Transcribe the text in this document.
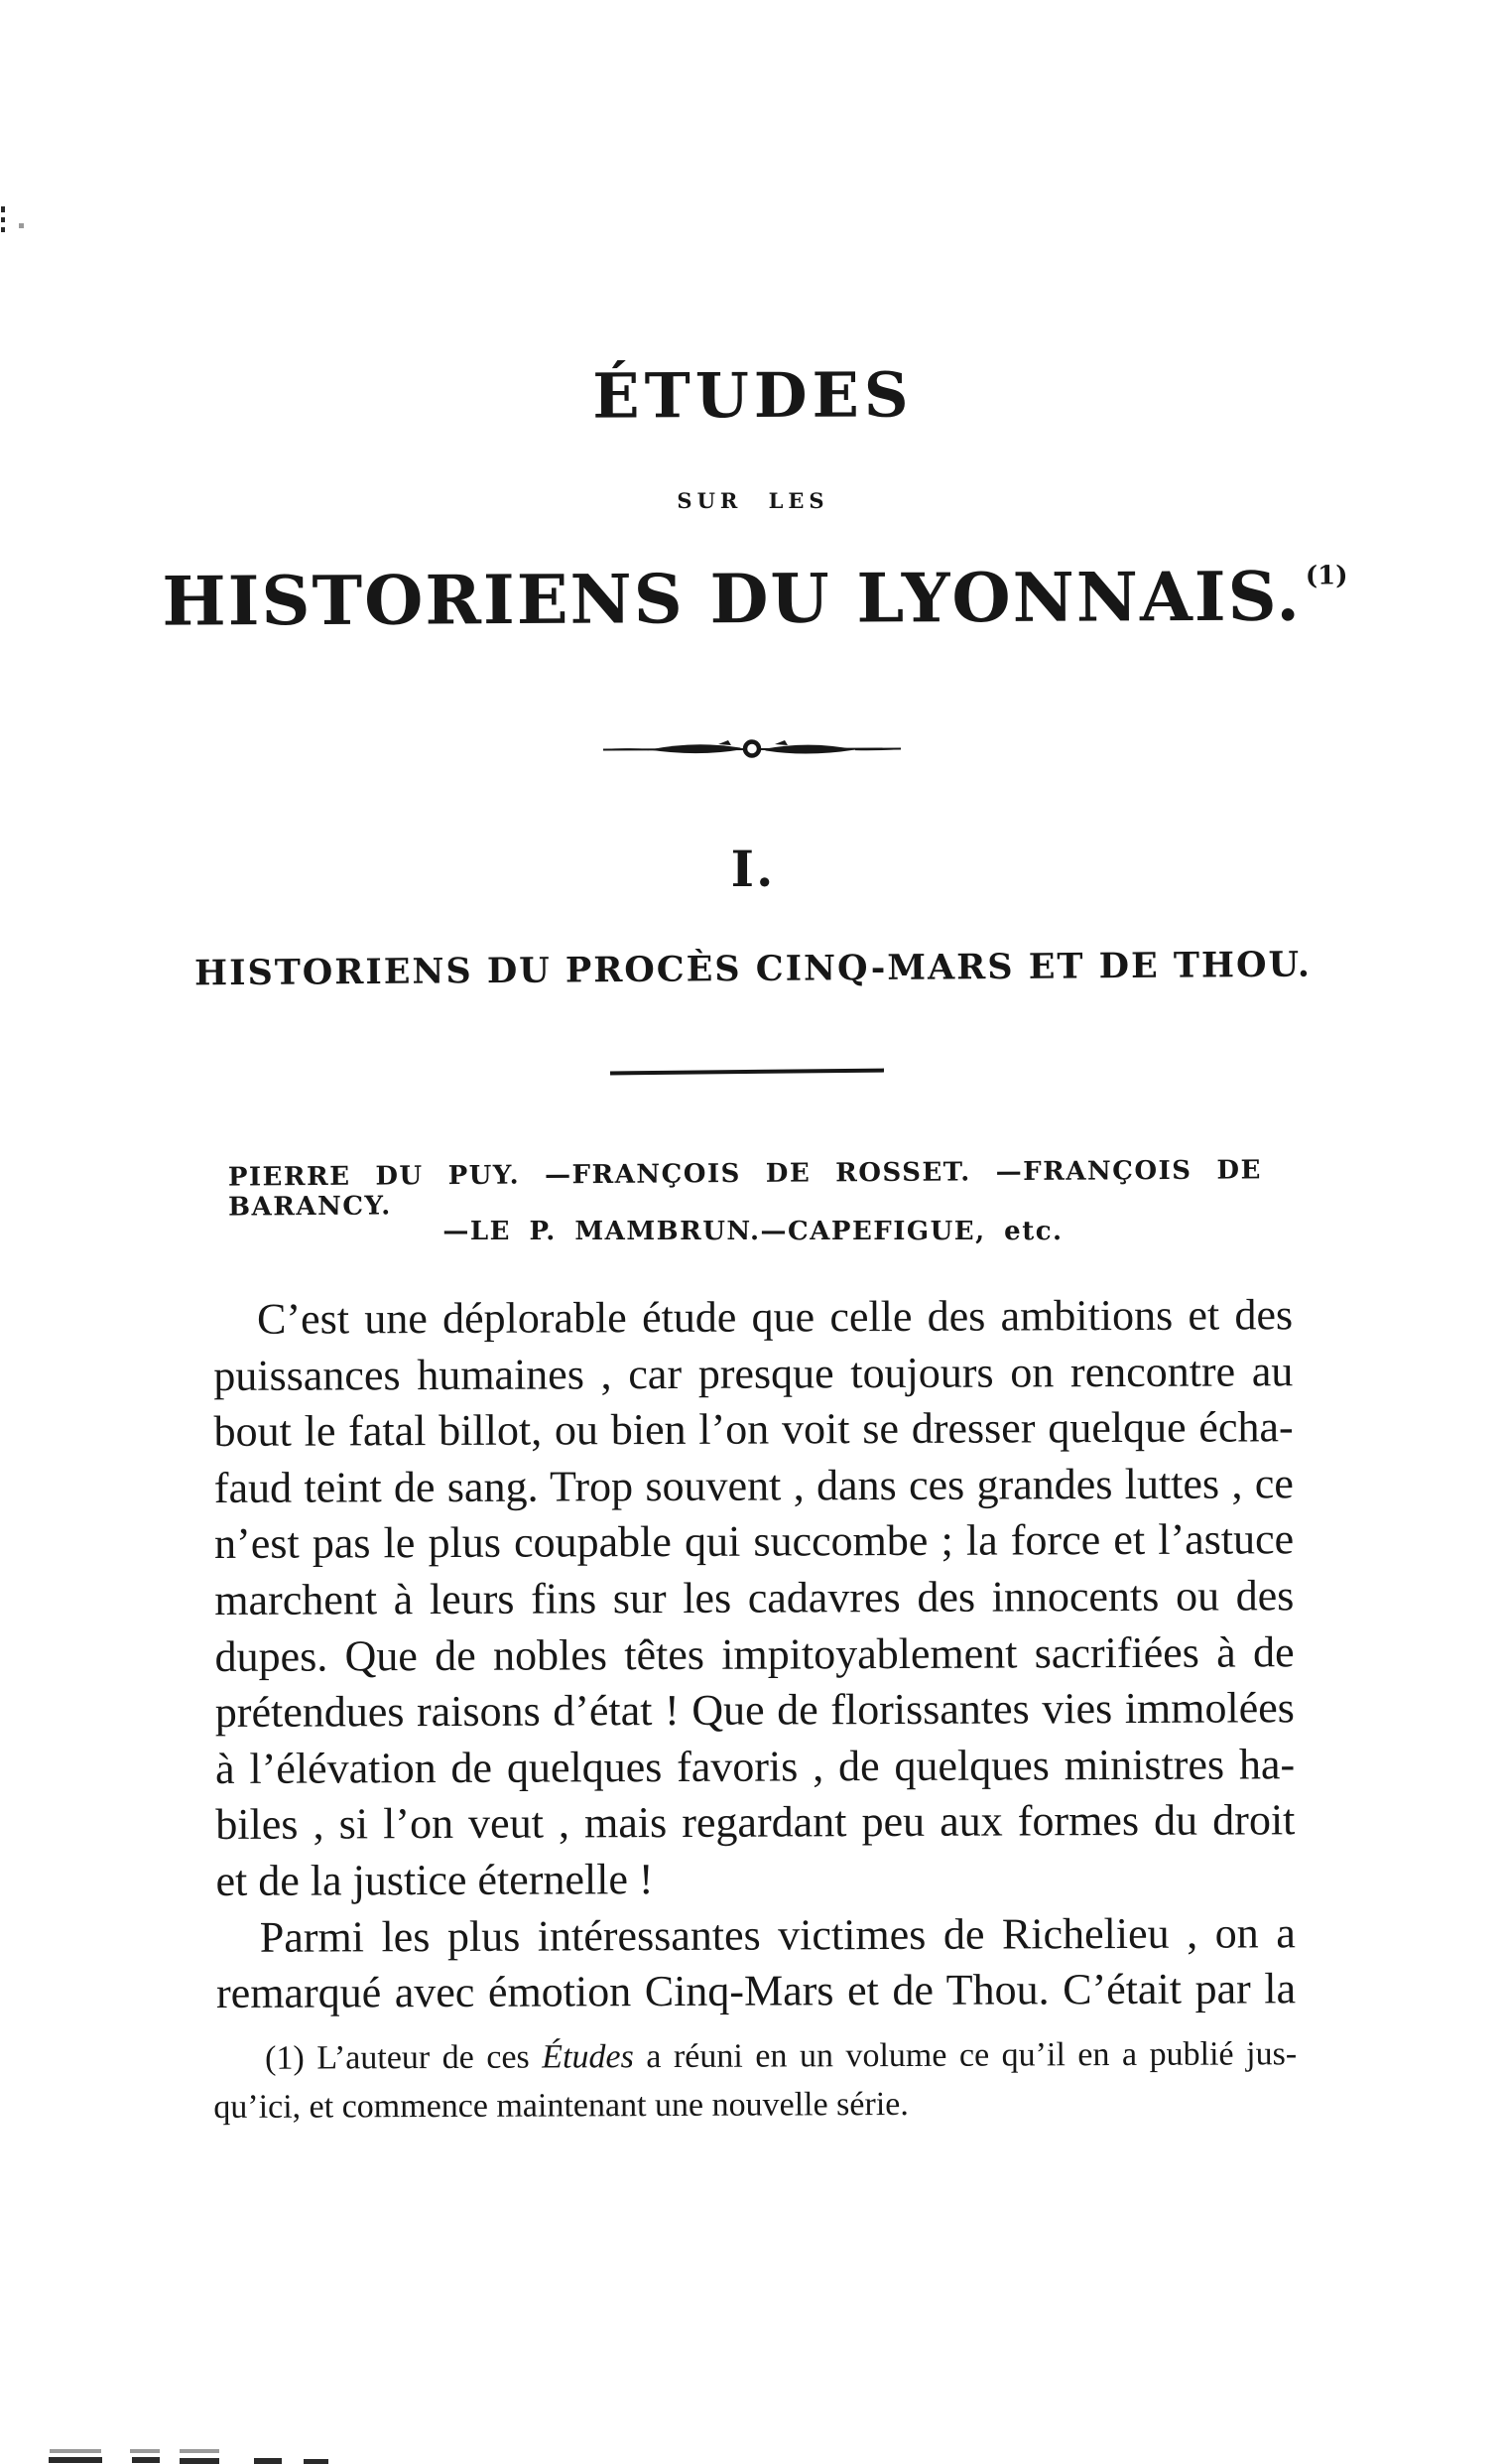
ÉTUDES
SUR LES
HISTORIENS DU LYONNAIS. $^{(1)}$
I.
HISTORIENS DU PROCÈS CINQ-MARS ET DE THOU.
PIERRE DU PUY. —FRANÇOIS DE ROSSET. —FRANÇOIS DE BARANCY.
—LE P. MAMBRUN.—CAPEFIGUE, etc.
C’est une déplorable étude que celle des ambitions et des
puissances humaines , car presque toujours on rencontre au
bout le fatal billot, ou bien l’on voit se dresser quelque écha-
faud teint de sang. Trop souvent , dans ces grandes luttes , ce
n’est pas le plus coupable qui succombe ; la force et l’astuce
marchent à leurs fins sur les cadavres des innocents ou des
dupes. Que de nobles têtes impitoyablement sacrifiées à de
prétendues raisons d’état ! Que de florissantes vies immolées
à l’élévation de quelques favoris , de quelques ministres ha-
biles , si l’on veut , mais regardant peu aux formes du droit
et de la justice éternelle !
Parmi les plus intéressantes victimes de Richelieu , on a
remarqué avec émotion Cinq-Mars et de Thou. C’était par la
(1) L’auteur de ces Études a réuni en un volume ce qu’il en a publié jus-
qu’ici, et commence maintenant une nouvelle série.
